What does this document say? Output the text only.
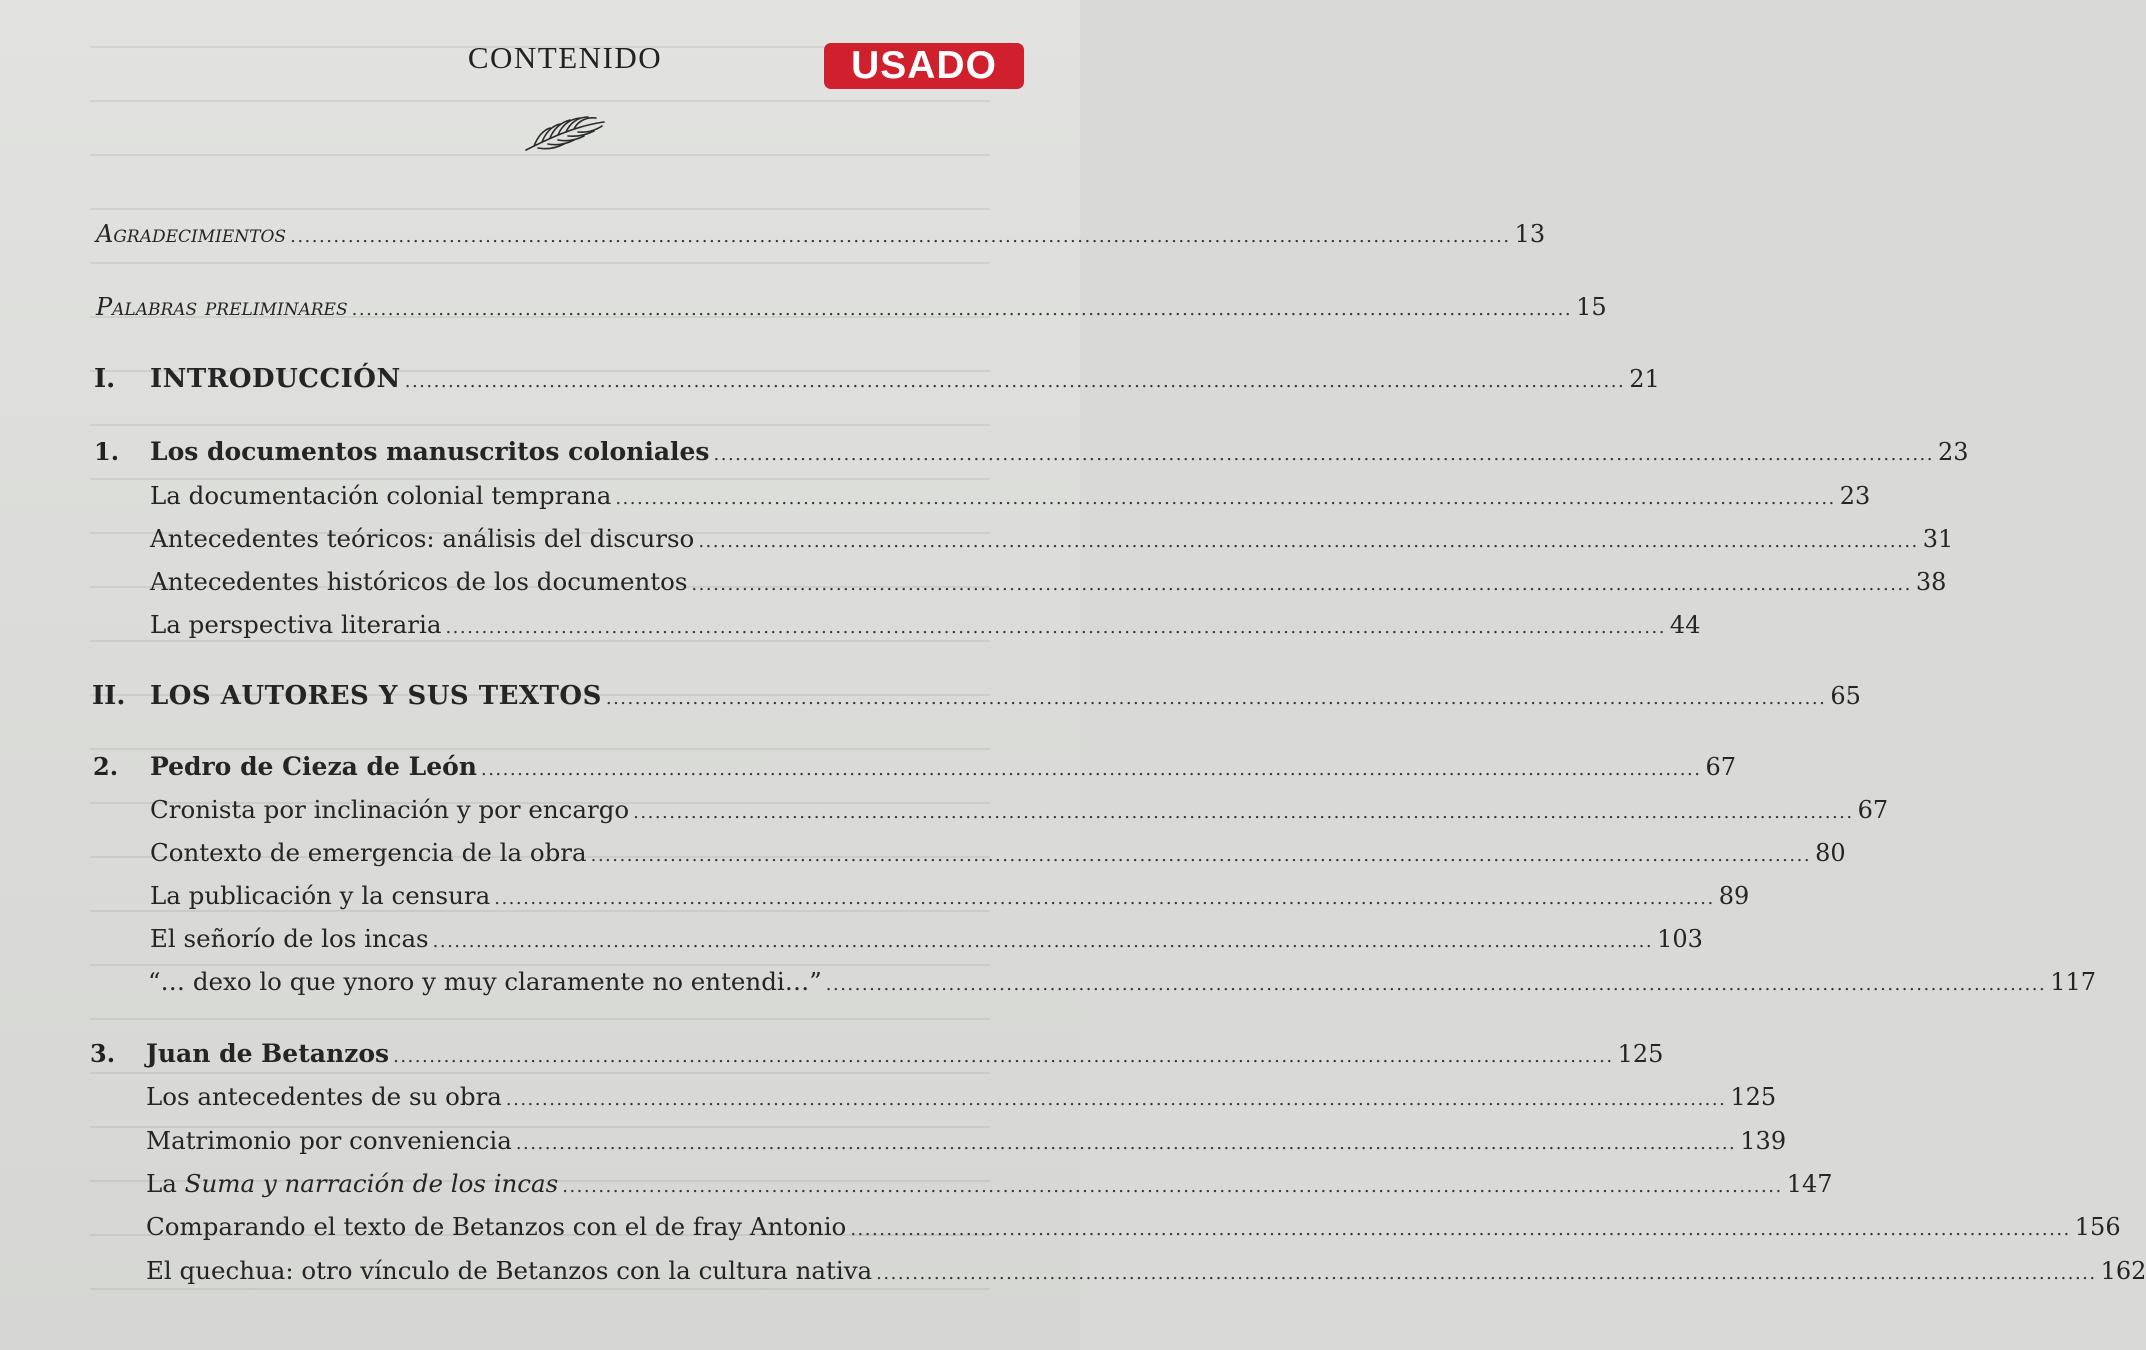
CONTENIDO	USADO
Agradecimientos ......................................................................................................................................................................... 13
Palabras preliminares ......................................................................................................................................................................... 15
I. INTRODUCCIÓN ......................................................................................................................................................................... 21
1. Los documentos manuscritos coloniales ......................................................................................................................................................................... 23
La documentación colonial temprana ......................................................................................................................................................................... 23
Antecedentes teóricos: análisis del discurso ......................................................................................................................................................................... 31
Antecedentes históricos de los documentos ......................................................................................................................................................................... 38
La perspectiva literaria ......................................................................................................................................................................... 44
II. LOS AUTORES Y SUS TEXTOS ......................................................................................................................................................................... 65
2. Pedro de Cieza de León ......................................................................................................................................................................... 67
Cronista por inclinación y por encargo ......................................................................................................................................................................... 67
Contexto de emergencia de la obra ......................................................................................................................................................................... 80
La publicación y la censura ......................................................................................................................................................................... 89
El señorío de los incas ......................................................................................................................................................................... 103
“… dexo lo que ynoro y muy claramente no entendi…” ......................................................................................................................................................................... 117
3. Juan de Betanzos ......................................................................................................................................................................... 125
Los antecedentes de su obra ......................................................................................................................................................................... 125
Matrimonio por conveniencia ......................................................................................................................................................................... 139
La Suma y narración de los incas ......................................................................................................................................................................... 147
Comparando el texto de Betanzos con el de fray Antonio ......................................................................................................................................................................... 156
El quechua: otro vínculo de Betanzos con la cultura nativa ......................................................................................................................................................................... 162
